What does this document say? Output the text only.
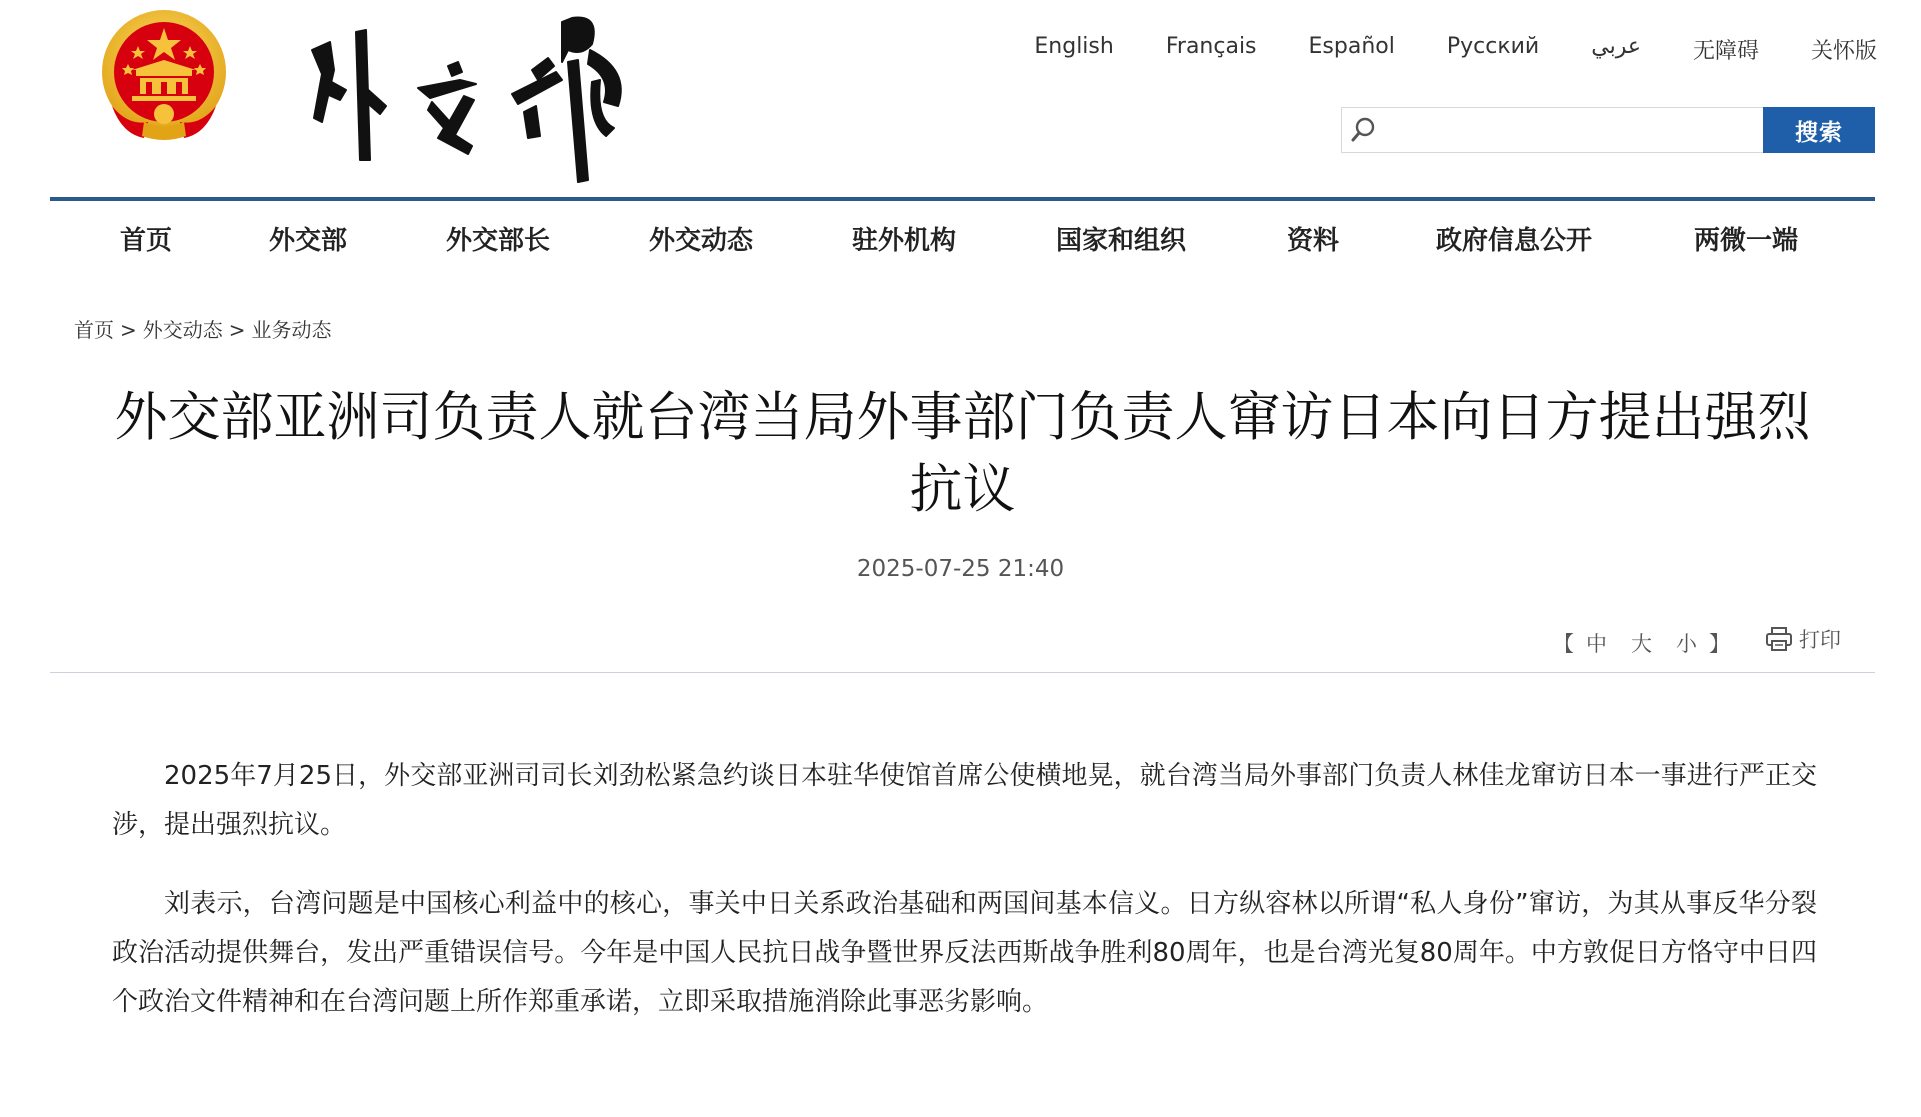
English Français Español Русский عربي 无障碍 关怀版
搜索
首页	外交部	外交部长	外交动态	驻外机构	国家和组织	资料	政府信息公开	两微一端
首页 > 外交动态 > 业务动态
外交部亚洲司负责人就台湾当局外事部门负责人窜访日本向日方提出强烈抗议
2025-07-25 21:40
【 中 大 小 】	打印

2025年7月25日，外交部亚洲司司长刘劲松紧急约谈日本驻华使馆首席公使横地晃，就台湾当局外事部门负责人林佳龙窜访日本一事进行严正交涉，提出强烈抗议。

刘表示，台湾问题是中国核心利益中的核心，事关中日关系政治基础和两国间基本信义。日方纵容林以所谓“私人身份”窜访，为其从事反华分裂政治活动提供舞台，发出严重错误信号。今年是中国人民抗日战争暨世界反法西斯战争胜利80周年，也是台湾光复80周年。中方敦促日方恪守中日四个政治文件精神和在台湾问题上所作郑重承诺，立即采取措施消除此事恶劣影响。
